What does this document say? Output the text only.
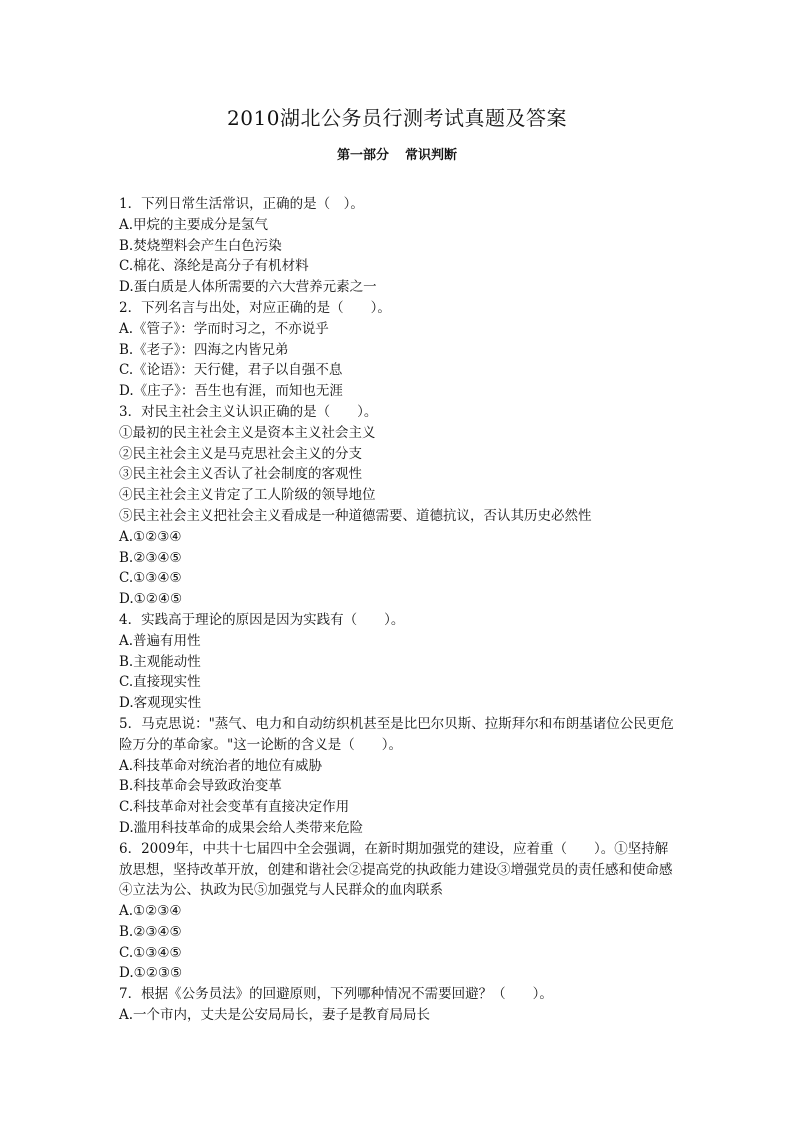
2010湖北公务员行测考试真题及答案
第一部分 常识判断
1．下列日常生活常识，正确的是（　）。
A.甲烷的主要成分是氢气
B.焚烧塑料会产生白色污染
C.棉花、涤纶是高分子有机材料
D.蛋白质是人体所需要的六大营养元素之一
2．下列名言与出处，对应正确的是（　　）。
A.《管子》：学而时习之，不亦说乎
B.《老子》：四海之内皆兄弟
C.《论语》：天行健，君子以自强不息
D.《庄子》：吾生也有涯，而知也无涯
3．对民主社会主义认识正确的是（　　）。
①最初的民主社会主义是资本主义社会主义
②民主社会主义是马克思社会主义的分支
③民主社会主义否认了社会制度的客观性
④民主社会主义肯定了工人阶级的领导地位
⑤民主社会主义把社会主义看成是一种道德需要、道德抗议，否认其历史必然性
A.①②③④
B.②③④⑤
C.①③④⑤
D.①②④⑤
4．实践高于理论的原因是因为实践有（　　）。
A.普遍有用性
B.主观能动性
C.直接现实性
D.客观现实性
5．马克思说："蒸气、电力和自动纺织机甚至是比巴尔贝斯、拉斯拜尔和布朗基诸位公民更危险万分的革命家。"这一论断的含义是（　　）。
A.科技革命对统治者的地位有威胁
B.科技革命会导致政治变革
C.科技革命对社会变革有直接决定作用
D.滥用科技革命的成果会给人类带来危险
6．2009年，中共十七届四中全会强调，在新时期加强党的建设，应着重（　　）。①坚持解放思想，坚持改革开放，创建和谐社会②提高党的执政能力建设③增强党员的责任感和使命感④立法为公、执政为民⑤加强党与人民群众的血肉联系
A.①②③④
B.②③④⑤
C.①③④⑤
D.①②③⑤
7．根据《公务员法》的回避原则，下列哪种情况不需要回避？（　　）。
A.一个市内，丈夫是公安局局长，妻子是教育局局长
